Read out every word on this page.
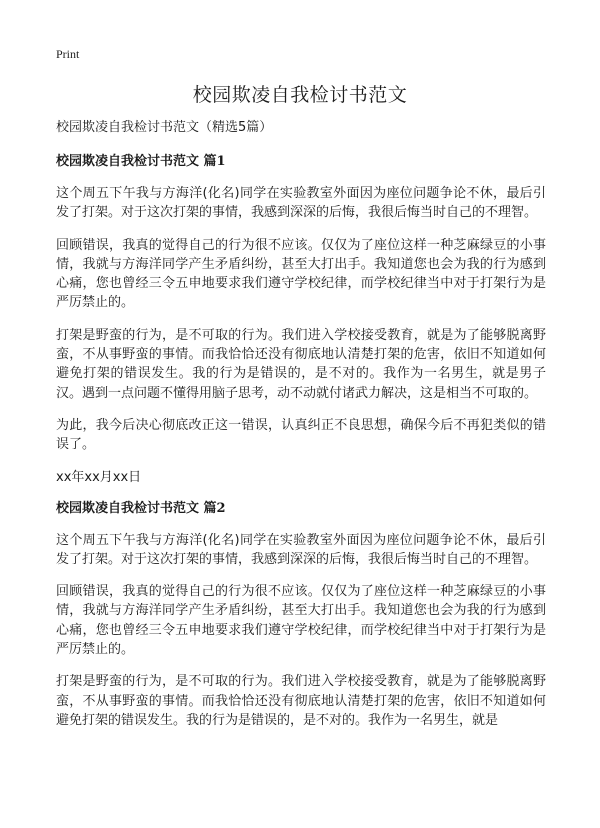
Print
校园欺凌自我检讨书范文

校园欺凌自我检讨书范文（精选5篇）

校园欺凌自我检讨书范文 篇1

这个周五下午我与方海洋(化名)同学在实验教室外面因为座位问题争论不休，最后引发了打架。对于这次打架的事情，我感到深深的后悔，我很后悔当时自己的不理智。

回顾错误，我真的觉得自己的行为很不应该。仅仅为了座位这样一种芝麻绿豆的小事情，我就与方海洋同学产生矛盾纠纷，甚至大打出手。我知道您也会为我的行为感到心痛，您也曾经三令五申地要求我们遵守学校纪律，而学校纪律当中对于打架行为是严厉禁止的。

打架是野蛮的行为，是不可取的行为。我们进入学校接受教育，就是为了能够脱离野蛮，不从事野蛮的事情。而我恰恰还没有彻底地认清楚打架的危害，依旧不知道如何避免打架的错误发生。我的行为是错误的，是不对的。我作为一名男生，就是男子汉。遇到一点问题不懂得用脑子思考，动不动就付诸武力解决，这是相当不可取的。

为此，我今后决心彻底改正这一错误，认真纠正不良思想，确保今后不再犯类似的错误了。

xx年xx月xx日

校园欺凌自我检讨书范文 篇2

这个周五下午我与方海洋(化名)同学在实验教室外面因为座位问题争论不休，最后引发了打架。对于这次打架的事情，我感到深深的后悔，我很后悔当时自己的不理智。

回顾错误，我真的觉得自己的行为很不应该。仅仅为了座位这样一种芝麻绿豆的小事情，我就与方海洋同学产生矛盾纠纷，甚至大打出手。我知道您也会为我的行为感到心痛，您也曾经三令五申地要求我们遵守学校纪律，而学校纪律当中对于打架行为是严厉禁止的。

打架是野蛮的行为，是不可取的行为。我们进入学校接受教育，就是为了能够脱离野蛮，不从事野蛮的事情。而我恰恰还没有彻底地认清楚打架的危害，依旧不知道如何避免打架的错误发生。我的行为是错误的，是不对的。我作为一名男生，就是
